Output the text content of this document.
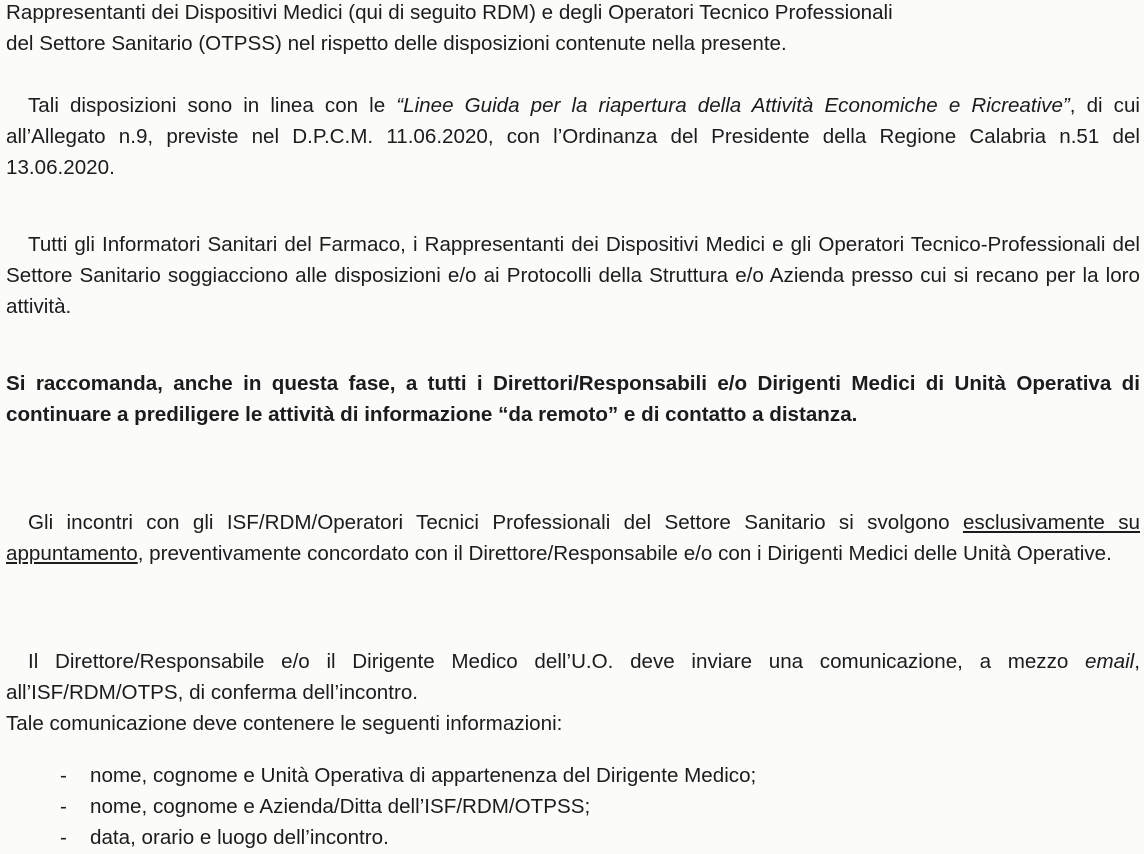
Rappresentanti dei Dispositivi Medici (qui di seguito RDM) e degli Operatori Tecnico Professionali
del Settore Sanitario (OTPSS) nel rispetto delle disposizioni contenute nella presente.

Tali disposizioni sono in linea con le “Linee Guida per la riapertura della Attività Economiche e Ricreative”, di cui all’Allegato n.9, previste nel D.P.C.M. 11.06.2020, con l’Ordinanza del Presidente della Regione Calabria n.51 del 13.06.2020.

Tutti gli Informatori Sanitari del Farmaco, i Rappresentanti dei Dispositivi Medici e gli Operatori Tecnico-Professionali del Settore Sanitario soggiacciono alle disposizioni e/o ai Protocolli della Struttura e/o Azienda presso cui si recano per la loro attività.

Si raccomanda, anche in questa fase, a tutti i Direttori/Responsabili e/o Dirigenti Medici di Unità Operativa di continuare a prediligere le attività di informazione “da remoto” e di contatto a distanza.

Gli incontri con gli ISF/RDM/Operatori Tecnici Professionali del Settore Sanitario si svolgono esclusivamente su appuntamento, preventivamente concordato con il Direttore/Responsabile e/o con i Dirigenti Medici delle Unità Operative.

Il Direttore/Responsabile e/o il Dirigente Medico dell’U.O. deve inviare una comunicazione, a mezzo email, all’ISF/RDM/OTPS, di conferma dell’incontro.

Tale comunicazione deve contenere le seguenti informazioni:

- nome, cognome e Unità Operativa di appartenenza del Dirigente Medico;
- nome, cognome e Azienda/Ditta dell’ISF/RDM/OTPSS;
- data, orario e luogo dell’incontro.
